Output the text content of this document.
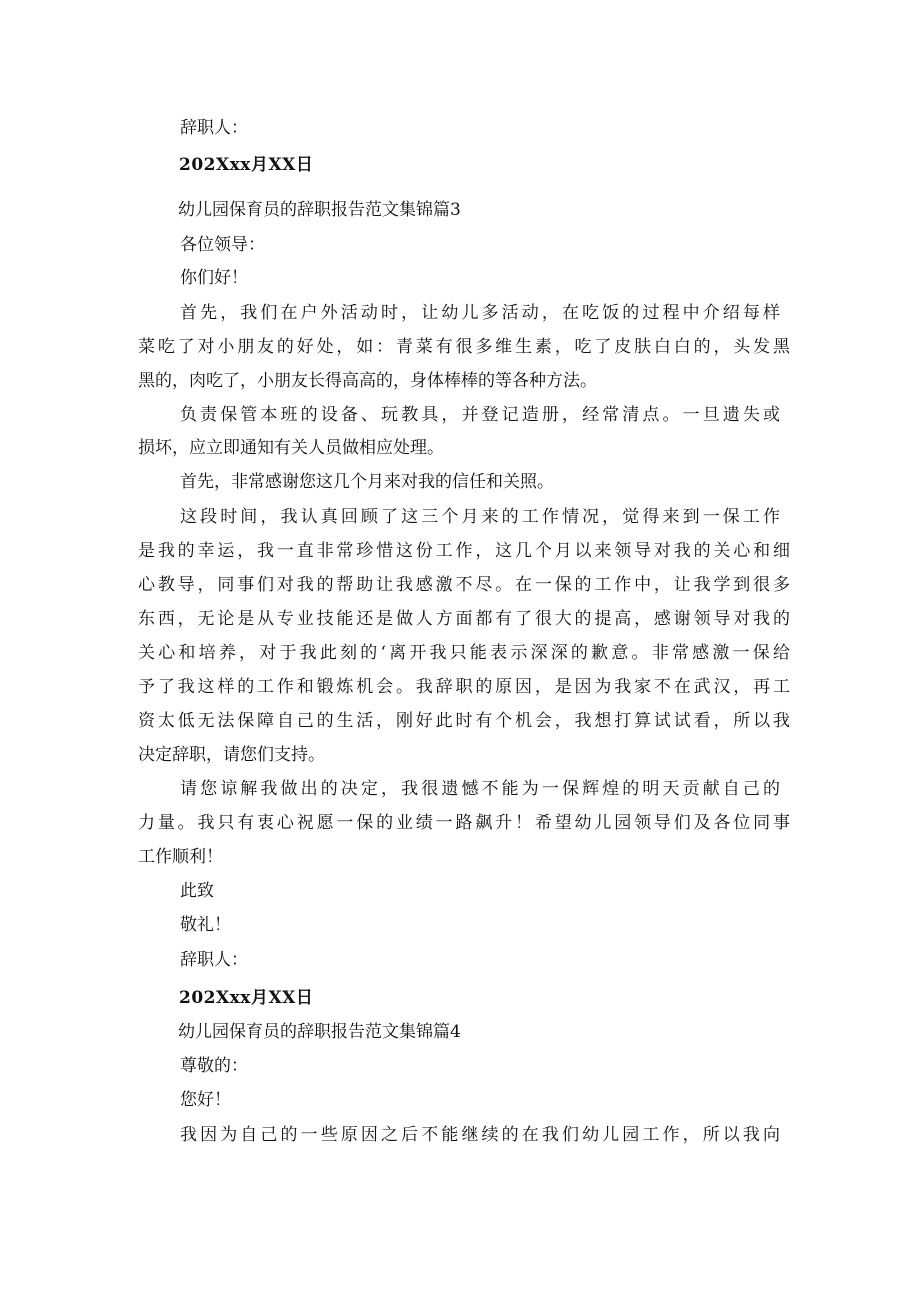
辞职人：
202Xxx月XX日
幼儿园保育员的辞职报告范文集锦篇3
各位领导：
你们好！
首先，我们在户外活动时，让幼儿多活动，在吃饭的过程中介绍每样
菜吃了对小朋友的好处，如：青菜有很多维生素，吃了皮肤白白的，头发黑
黑的，肉吃了，小朋友长得高高的，身体棒棒的等各种方法。
负责保管本班的设备、玩教具，并登记造册，经常清点。一旦遗失或
损坏，应立即通知有关人员做相应处理。
首先，非常感谢您这几个月来对我的信任和关照。
这段时间，我认真回顾了这三个月来的工作情况，觉得来到一保工作
是我的幸运，我一直非常珍惜这份工作，这几个月以来领导对我的关心和细
心教导，同事们对我的帮助让我感激不尽。在一保的工作中，让我学到很多
东西，无论是从专业技能还是做人方面都有了很大的提高，感谢领导对我的
关心和培养，对于我此刻的‘离开我只能表示深深的歉意。非常感激一保给
予了我这样的工作和锻炼机会。我辞职的原因，是因为我家不在武汉，再工
资太低无法保障自己的生活，刚好此时有个机会，我想打算试试看，所以我
决定辞职，请您们支持。
请您谅解我做出的决定，我很遗憾不能为一保辉煌的明天贡献自己的
力量。我只有衷心祝愿一保的业绩一路飙升！希望幼儿园领导们及各位同事
工作顺利！
此致
敬礼！
辞职人：
202Xxx月XX日
幼儿园保育员的辞职报告范文集锦篇4
尊敬的：
您好！
我因为自己的一些原因之后不能继续的在我们幼儿园工作，所以我向
